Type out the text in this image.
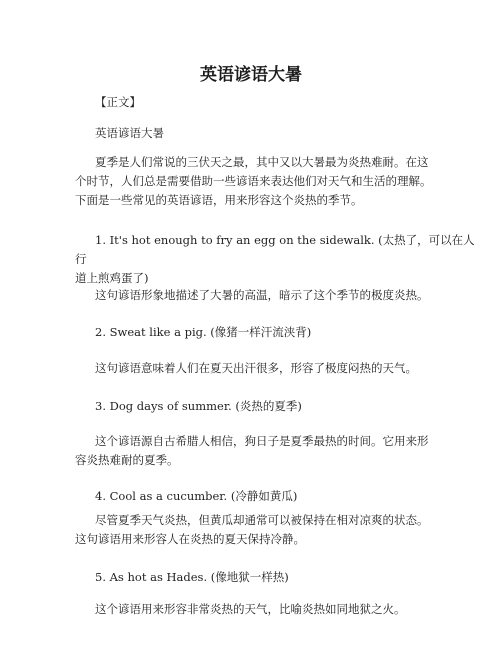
英语谚语大暑

【正文】

英语谚语大暑

夏季是人们常说的三伏天之最，其中又以大暑最为炎热难耐。在这
个时节，人们总是需要借助一些谚语来表达他们对天气和生活的理解。
下面是一些常见的英语谚语，用来形容这个炎热的季节。

1. It's hot enough to fry an egg on the sidewalk. (太热了，可以在人行
道上煎鸡蛋了)

这句谚语形象地描述了大暑的高温，暗示了这个季节的极度炎热。

2. Sweat like a pig. (像猪一样汗流浃背)

这句谚语意味着人们在夏天出汗很多，形容了极度闷热的天气。

3. Dog days of summer. (炎热的夏季)

这个谚语源自古希腊人相信，狗日子是夏季最热的时间。它用来形
容炎热难耐的夏季。

4. Cool as a cucumber. (冷静如黄瓜)

尽管夏季天气炎热，但黄瓜却通常可以被保持在相对凉爽的状态。
这句谚语用来形容人在炎热的夏天保持冷静。

5. As hot as Hades. (像地狱一样热)

这个谚语用来形容非常炎热的天气，比喻炎热如同地狱之火。
